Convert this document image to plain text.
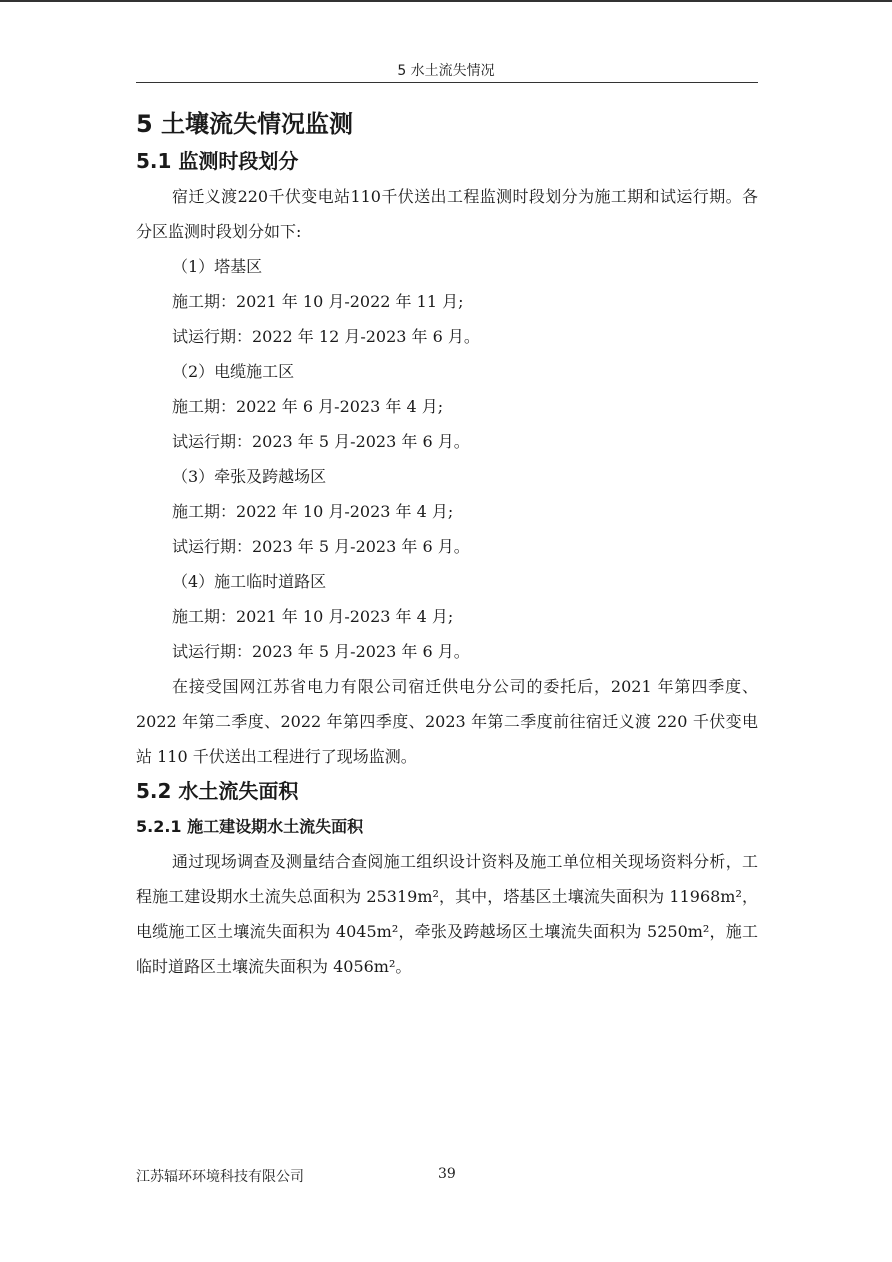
5 水土流失情况
5 土壤流失情况监测
5.1 监测时段划分

宿迁义渡220千伏变电站110千伏送出工程监测时段划分为施工期和试运行期。各分区监测时段划分如下:

（1）塔基区

施工期：2021 年 10 月-2022 年 11 月;

试运行期：2022 年 12 月-2023 年 6 月。

（2）电缆施工区

施工期：2022 年 6 月-2023 年 4 月;

试运行期：2023 年 5 月-2023 年 6 月。

（3）牵张及跨越场区

施工期：2022 年 10 月-2023 年 4 月;

试运行期：2023 年 5 月-2023 年 6 月。

（4）施工临时道路区

施工期：2021 年 10 月-2023 年 4 月;

试运行期：2023 年 5 月-2023 年 6 月。

在接受国网江苏省电力有限公司宿迁供电分公司的委托后，2021 年第四季度、2022 年第二季度、2022 年第四季度、2023 年第二季度前往宿迁义渡 220 千伏变电站 110 千伏送出工程进行了现场监测。

5.2 水土流失面积
5.2.1 施工建设期水土流失面积

通过现场调查及测量结合查阅施工组织设计资料及施工单位相关现场资料分析，工程施工建设期水土流失总面积为 25319m²，其中，塔基区土壤流失面积为 11968m²，电缆施工区土壤流失面积为 4045m²，牵张及跨越场区土壤流失面积为 5250m²，施工临时道路区土壤流失面积为 4056m²。

江苏辐环环境科技有限公司	39
